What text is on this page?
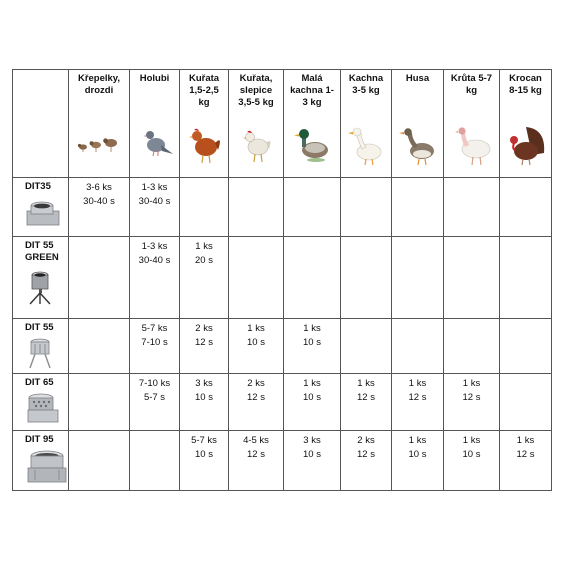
	Křepelky,
drozdi	Holubi	Kuřata
1,5-2,5
kg	Kuřata,
slepice
3,5-5 kg	Malá
kachna 1-
3 kg	Kachna
3-5 kg	Husa	Krůta 5-7
kg	Krocan
8-15 kg

DIT35	3-6 ks
30-40 s	1-3 ks
30-40 s							

DIT 55
GREEN		1-3 ks
30-40 s	1 ks
20 s						

DIT 55		5-7 ks
7-10 s	2 ks
12 s	1 ks
10 s	1 ks
10 s				

DIT 65		7-10 ks
5-7 s	3 ks
10 s	2 ks
12 s	1 ks
10 s	1 ks
12 s	1 ks
12 s	1 ks
12 s	

DIT 95			5-7 ks
10 s	4-5 ks
12 s	3 ks
10 s	2 ks
12 s	1 ks
10 s	1 ks
10 s	1 ks
12 s
